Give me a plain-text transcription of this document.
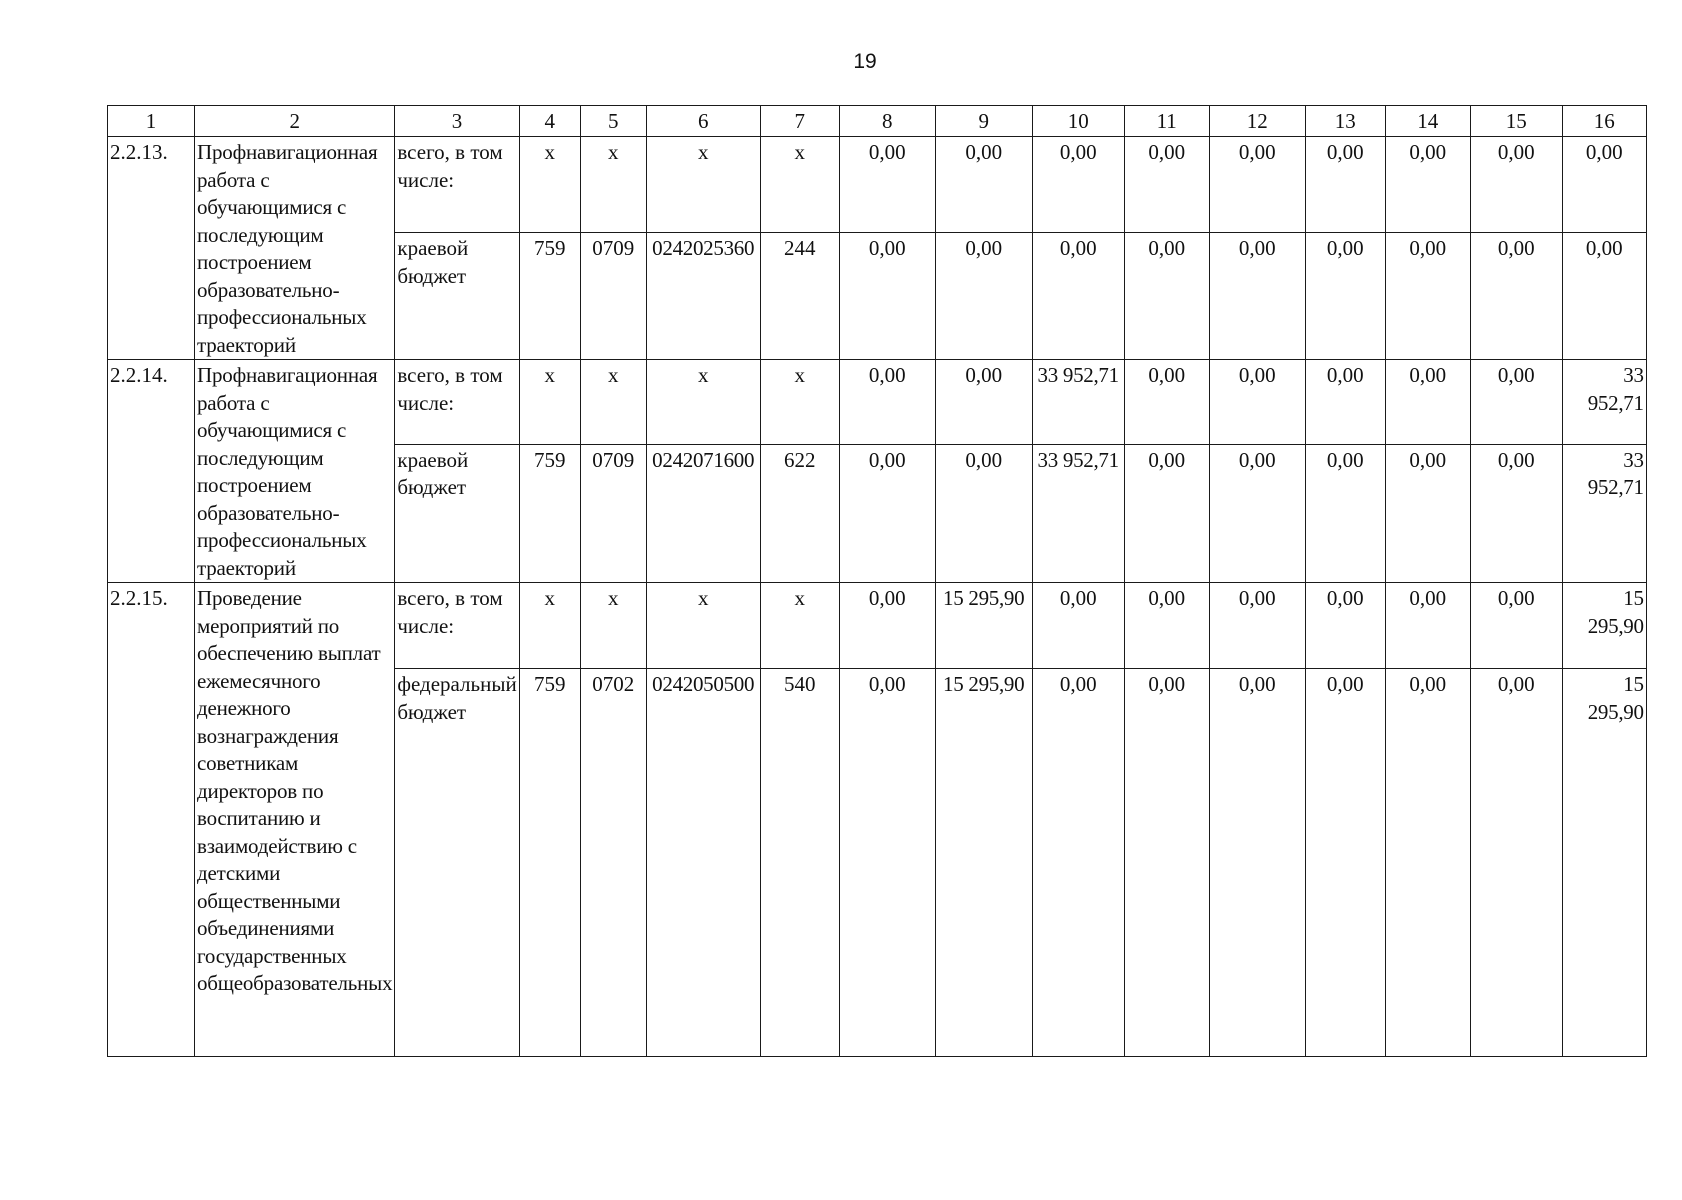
19
1	2	3	4	5	6	7	8	9	10	11	12	13	14	15	16
2.2.13.	Профнавигационная работа с обучающимися с последующим построением образовательно-профессиональных траекторий	всего, в том числе:	x	x	x	x	0,00	0,00	0,00	0,00	0,00	0,00	0,00	0,00	0,00
		краевой бюджет	759	0709	0242025360	244	0,00	0,00	0,00	0,00	0,00	0,00	0,00	0,00	0,00
2.2.14.	Профнавигационная работа с обучающимися с последующим построением образовательно-профессиональных траекторий	всего, в том числе:	x	x	x	x	0,00	0,00	33 952,71	0,00	0,00	0,00	0,00	0,00	33 952,71
		краевой бюджет	759	0709	0242071600	622	0,00	0,00	33 952,71	0,00	0,00	0,00	0,00	0,00	33 952,71
2.2.15.	Проведение мероприятий по обеспечению выплат ежемесячного денежного вознаграждения советникам директоров по воспитанию и взаимодействию с детскими общественными объединениями государственных общеобразовательных	всего, в том числе:	x	x	x	x	0,00	15 295,90	0,00	0,00	0,00	0,00	0,00	0,00	15 295,90
		федеральный бюджет	759	0702	0242050500	540	0,00	15 295,90	0,00	0,00	0,00	0,00	0,00	0,00	15 295,90
